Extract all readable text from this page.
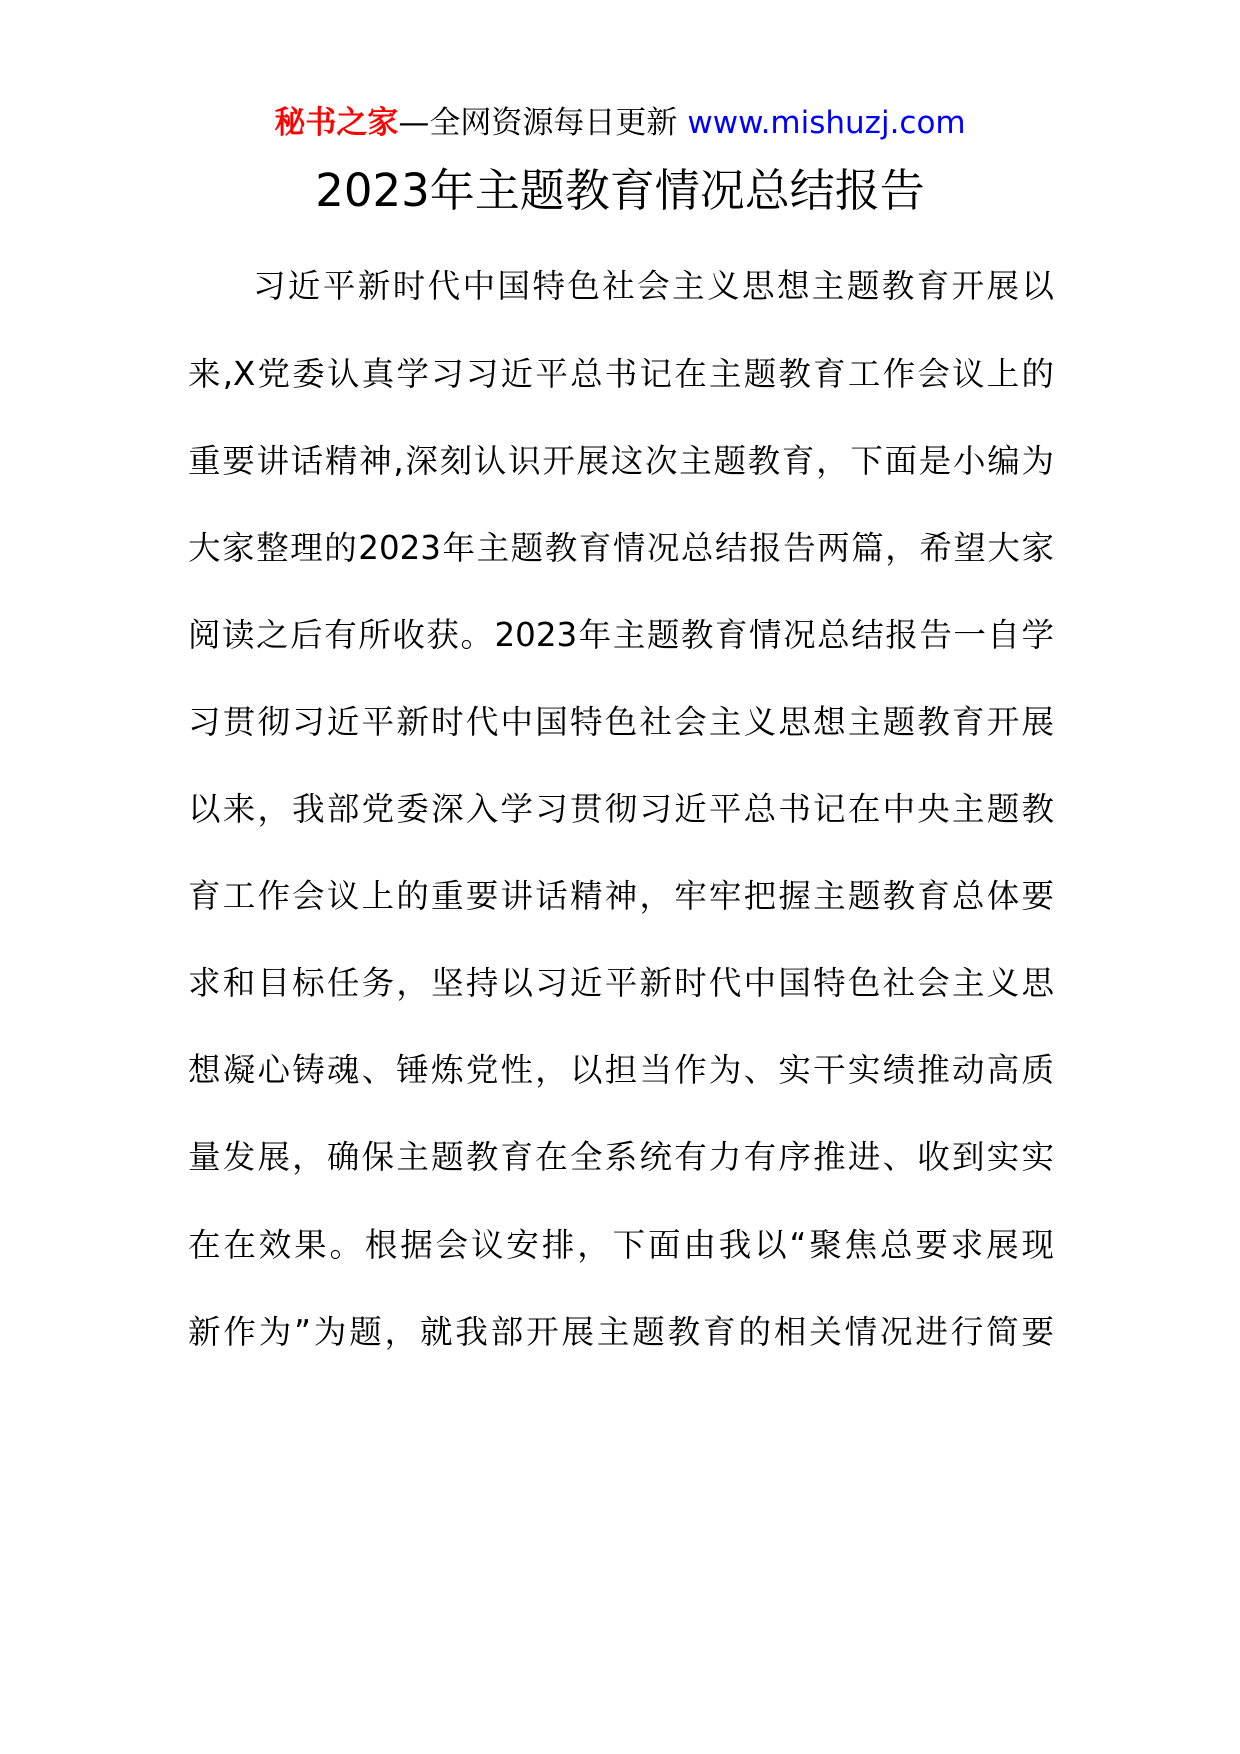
秘书之家—全网资源每日更新 www.mishuzj.com
2023年主题教育情况总结报告
习近平新时代中国特色社会主义思想主题教育开展以
来,X党委认真学习习近平总书记在主题教育工作会议上的
重要讲话精神,深刻认识开展这次主题教育，下面是小编为
大家整理的2023年主题教育情况总结报告两篇，希望大家
阅读之后有所收获。2023年主题教育情况总结报告一自学
习贯彻习近平新时代中国特色社会主义思想主题教育开展
以来，我部党委深入学习贯彻习近平总书记在中央主题教
育工作会议上的重要讲话精神，牢牢把握主题教育总体要
求和目标任务，坚持以习近平新时代中国特色社会主义思
想凝心铸魂、锤炼党性，以担当作为、实干实绩推动高质
量发展，确保主题教育在全系统有力有序推进、收到实实
在在效果。根据会议安排，下面由我以“聚焦总要求展现
新作为”为题，就我部开展主题教育的相关情况进行简要
